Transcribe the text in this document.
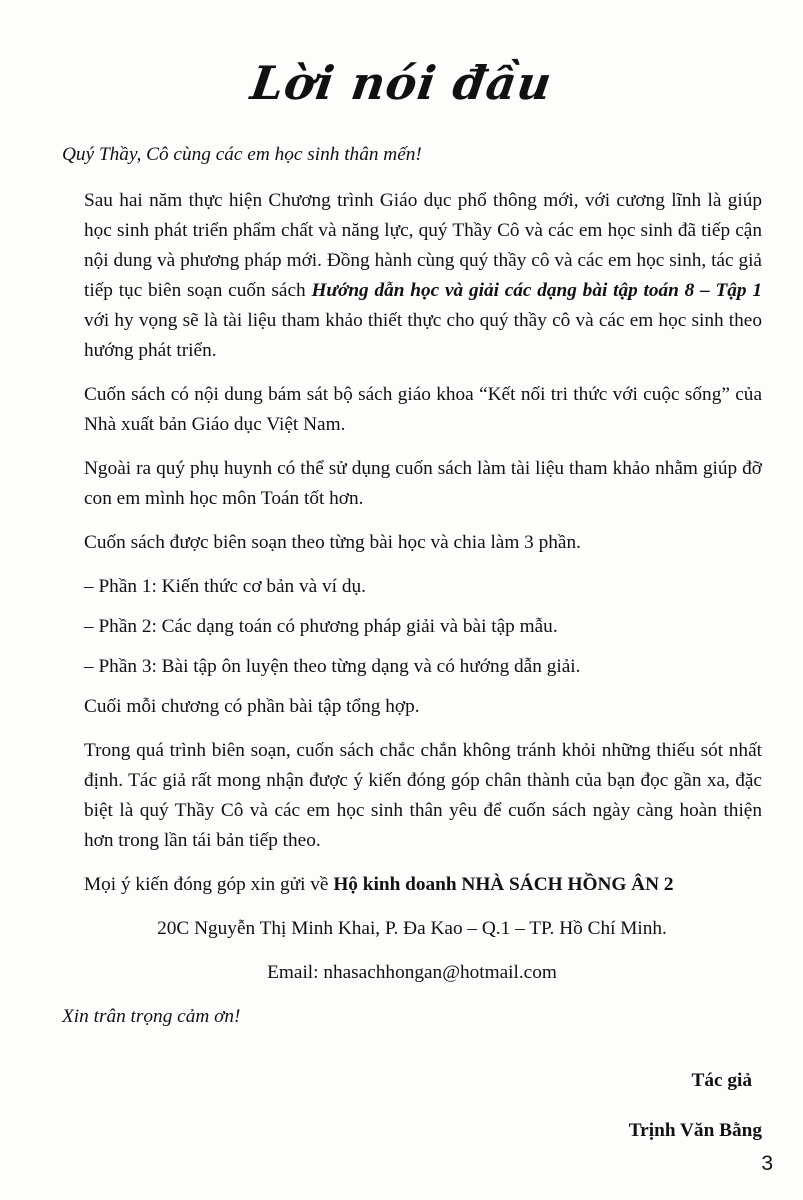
Lời nói đầu

Quý Thầy, Cô cùng các em học sinh thân mến!

Sau hai năm thực hiện Chương trình Giáo dục phổ thông mới, với cương lĩnh là giúp học sinh phát triển phẩm chất và năng lực, quý Thầy Cô và các em học sinh đã tiếp cận nội dung và phương pháp mới. Đồng hành cùng quý thầy cô và các em học sinh, tác giả tiếp tục biên soạn cuốn sách Hướng dẫn học và giải các dạng bài tập toán 8 – Tập 1 với hy vọng sẽ là tài liệu tham khảo thiết thực cho quý thầy cô và các em học sinh theo hướng phát triển.

Cuốn sách có nội dung bám sát bộ sách giáo khoa “Kết nối tri thức với cuộc sống” của Nhà xuất bản Giáo dục Việt Nam.

Ngoài ra quý phụ huynh có thể sử dụng cuốn sách làm tài liệu tham khảo nhằm giúp đỡ con em mình học môn Toán tốt hơn.

Cuốn sách được biên soạn theo từng bài học và chia làm 3 phần.

– Phần 1: Kiến thức cơ bản và ví dụ.

– Phần 2: Các dạng toán có phương pháp giải và bài tập mẫu.

– Phần 3: Bài tập ôn luyện theo từng dạng và có hướng dẫn giải.

Cuối mỗi chương có phần bài tập tổng hợp.

Trong quá trình biên soạn, cuốn sách chắc chắn không tránh khỏi những thiếu sót nhất định. Tác giả rất mong nhận được ý kiến đóng góp chân thành của bạn đọc gần xa, đặc biệt là quý Thầy Cô và các em học sinh thân yêu để cuốn sách ngày càng hoàn thiện hơn trong lần tái bản tiếp theo.

Mọi ý kiến đóng góp xin gửi về Hộ kinh doanh NHÀ SÁCH HỒNG ÂN 2

20C Nguyễn Thị Minh Khai, P. Đa Kao – Q.1 – TP. Hồ Chí Minh.

Email: nhasachhongan@hotmail.com

Xin trân trọng cảm ơn!

Tác giả

Trịnh Văn Bằng

3
